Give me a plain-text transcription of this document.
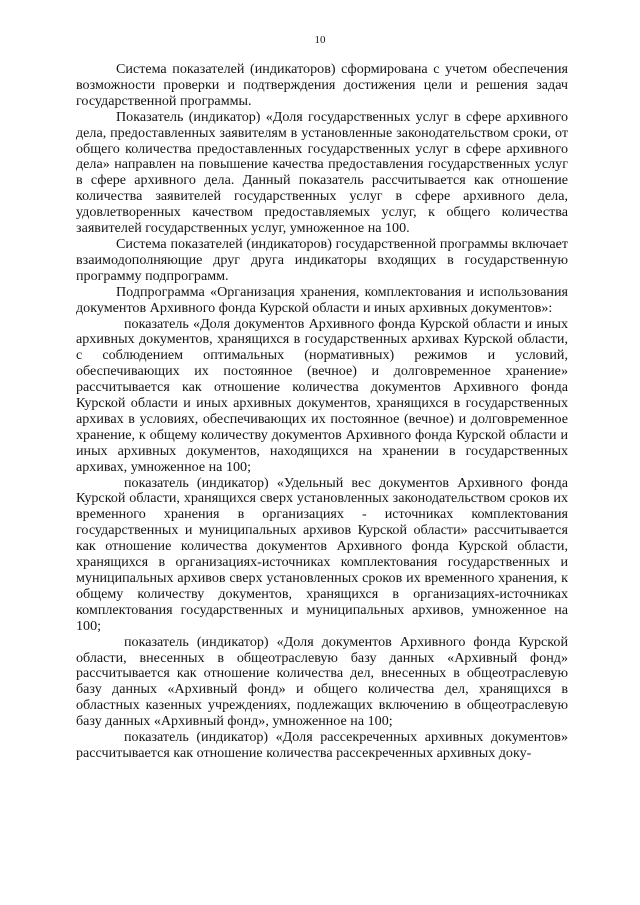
10

Система показателей (индикаторов) сформирована с учетом обеспечения возможности проверки и подтверждения достижения цели и решения задач государственной программы.

Показатель (индикатор) «Доля государственных услуг в сфере архивного дела, предоставленных заявителям в установленные законодательством сроки, от общего количества предоставленных государственных услуг в сфере архивного дела» направлен на повышение качества предоставления государственных услуг в сфере архивного дела. Данный показатель рассчитывается как отношение количества заявителей государственных услуг в сфере архивного дела, удовлетворенных качеством предоставляемых услуг, к общего количества заявителей государственных услуг, умноженное на 100.

Система показателей (индикаторов) государственной программы включает взаимодополняющие друг друга индикаторы входящих в государственную программу подпрограмм.

Подпрограмма «Организация хранения, комплектования и использования документов Архивного фонда Курской области и иных архивных документов»:

показатель «Доля документов Архивного фонда Курской области и иных архивных документов, хранящихся в государственных архивах Курской области, с соблюдением оптимальных (нормативных) режимов и условий, обеспечивающих их постоянное (вечное) и долговременное хранение» рассчитывается как отношение количества документов Архивного фонда Курской области и иных архивных документов, хранящихся в государственных архивах в условиях, обеспечивающих их постоянное (вечное) и долговременное хранение, к общему количеству документов Архивного фонда Курской области и иных архивных документов, находящихся на хранении в государственных архивах, умноженное на 100;

показатель (индикатор) «Удельный вес документов Архивного фонда Курской области, хранящихся сверх установленных законодательством сроков их временного хранения в организациях - источниках комплектования государственных и муниципальных архивов Курской области» рассчитывается как отношение количества документов Архивного фонда Курской области, хранящихся в организациях-источниках комплектования государственных и муниципальных архивов сверх установленных сроков их временного хранения, к общему количеству документов, хранящихся в организациях-источниках комплектования государственных и муниципальных архивов, умноженное на 100;

показатель (индикатор) «Доля документов Архивного фонда Курской области, внесенных в общеотраслевую базу данных «Архивный фонд» рассчитывается как отношение количества дел, внесенных в общеотраслевую базу данных «Архивный фонд» и общего количества дел, хранящихся в областных казенных учреждениях, подлежащих включению в общеотраслевую базу данных «Архивный фонд», умноженное на 100;

показатель (индикатор) «Доля рассекреченных архивных документов» рассчитывается как отношение количества рассекреченных архивных доку-
